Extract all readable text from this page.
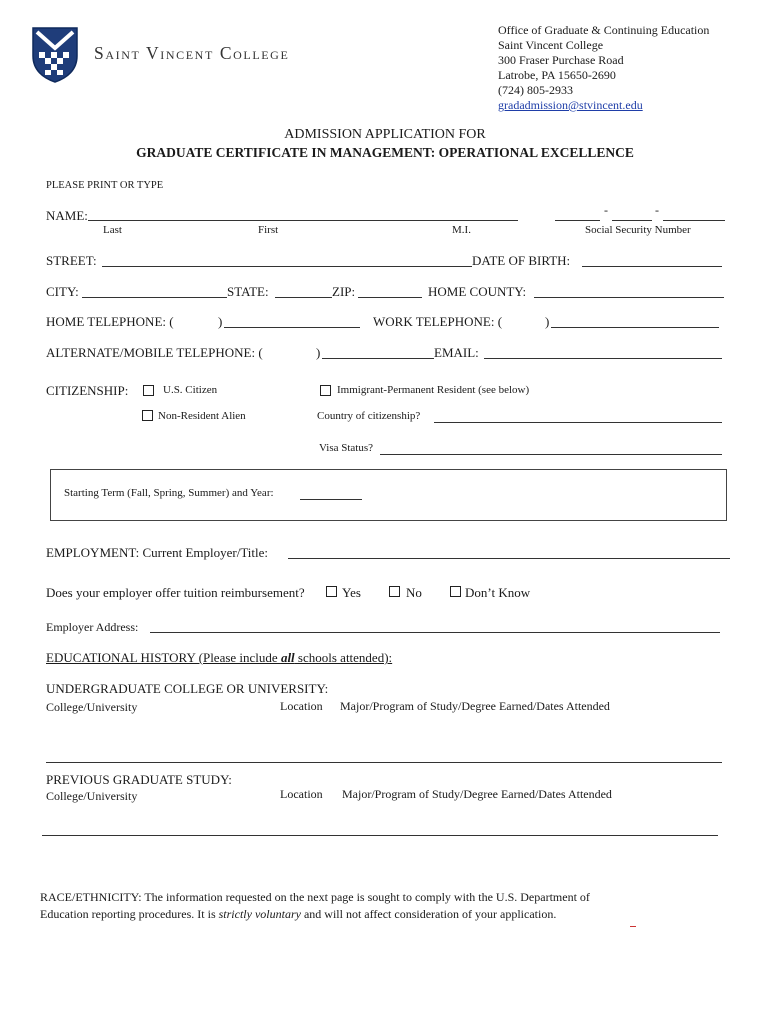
Saint Vincent College
Office of Graduate & Continuing Education
Saint Vincent College
300 Fraser Purchase Road
Latrobe, PA 15650-2690
(724) 805-2933
gradadmission@stvincent.edu
ADMISSION APPLICATION FOR
GRADUATE CERTIFICATE IN MANAGEMENT: OPERATIONAL EXCELLENCE
PLEASE PRINT OR TYPE
NAME:	-	-
Last	First	M.I.	Social Security Number
STREET:	DATE OF BIRTH:
CITY:	STATE:	ZIP:	HOME COUNTY:
HOME TELEPHONE: (	)	WORK TELEPHONE: (	)
ALTERNATE/MOBILE TELEPHONE: (	)	EMAIL:
CITIZENSHIP:	U.S. Citizen	Immigrant-Permanent Resident (see below)
Non-Resident Alien	Country of citizenship?
Visa Status?
Starting Term (Fall, Spring, Summer) and Year:
EMPLOYMENT: Current Employer/Title:
Does your employer offer tuition reimbursement?	Yes	No	Don’t Know
Employer Address:
EDUCATIONAL HISTORY (Please include all schools attended):
UNDERGRADUATE COLLEGE OR UNIVERSITY:
College/University	Location Major/Program of Study/Degree Earned/Dates Attended
PREVIOUS GRADUATE STUDY:
College/University	Location Major/Program of Study/Degree Earned/Dates Attended
RACE/ETHNICITY: The information requested on the next page is sought to comply with the U.S. Department of
Education reporting procedures. It is strictly voluntary and will not affect consideration of your application.
